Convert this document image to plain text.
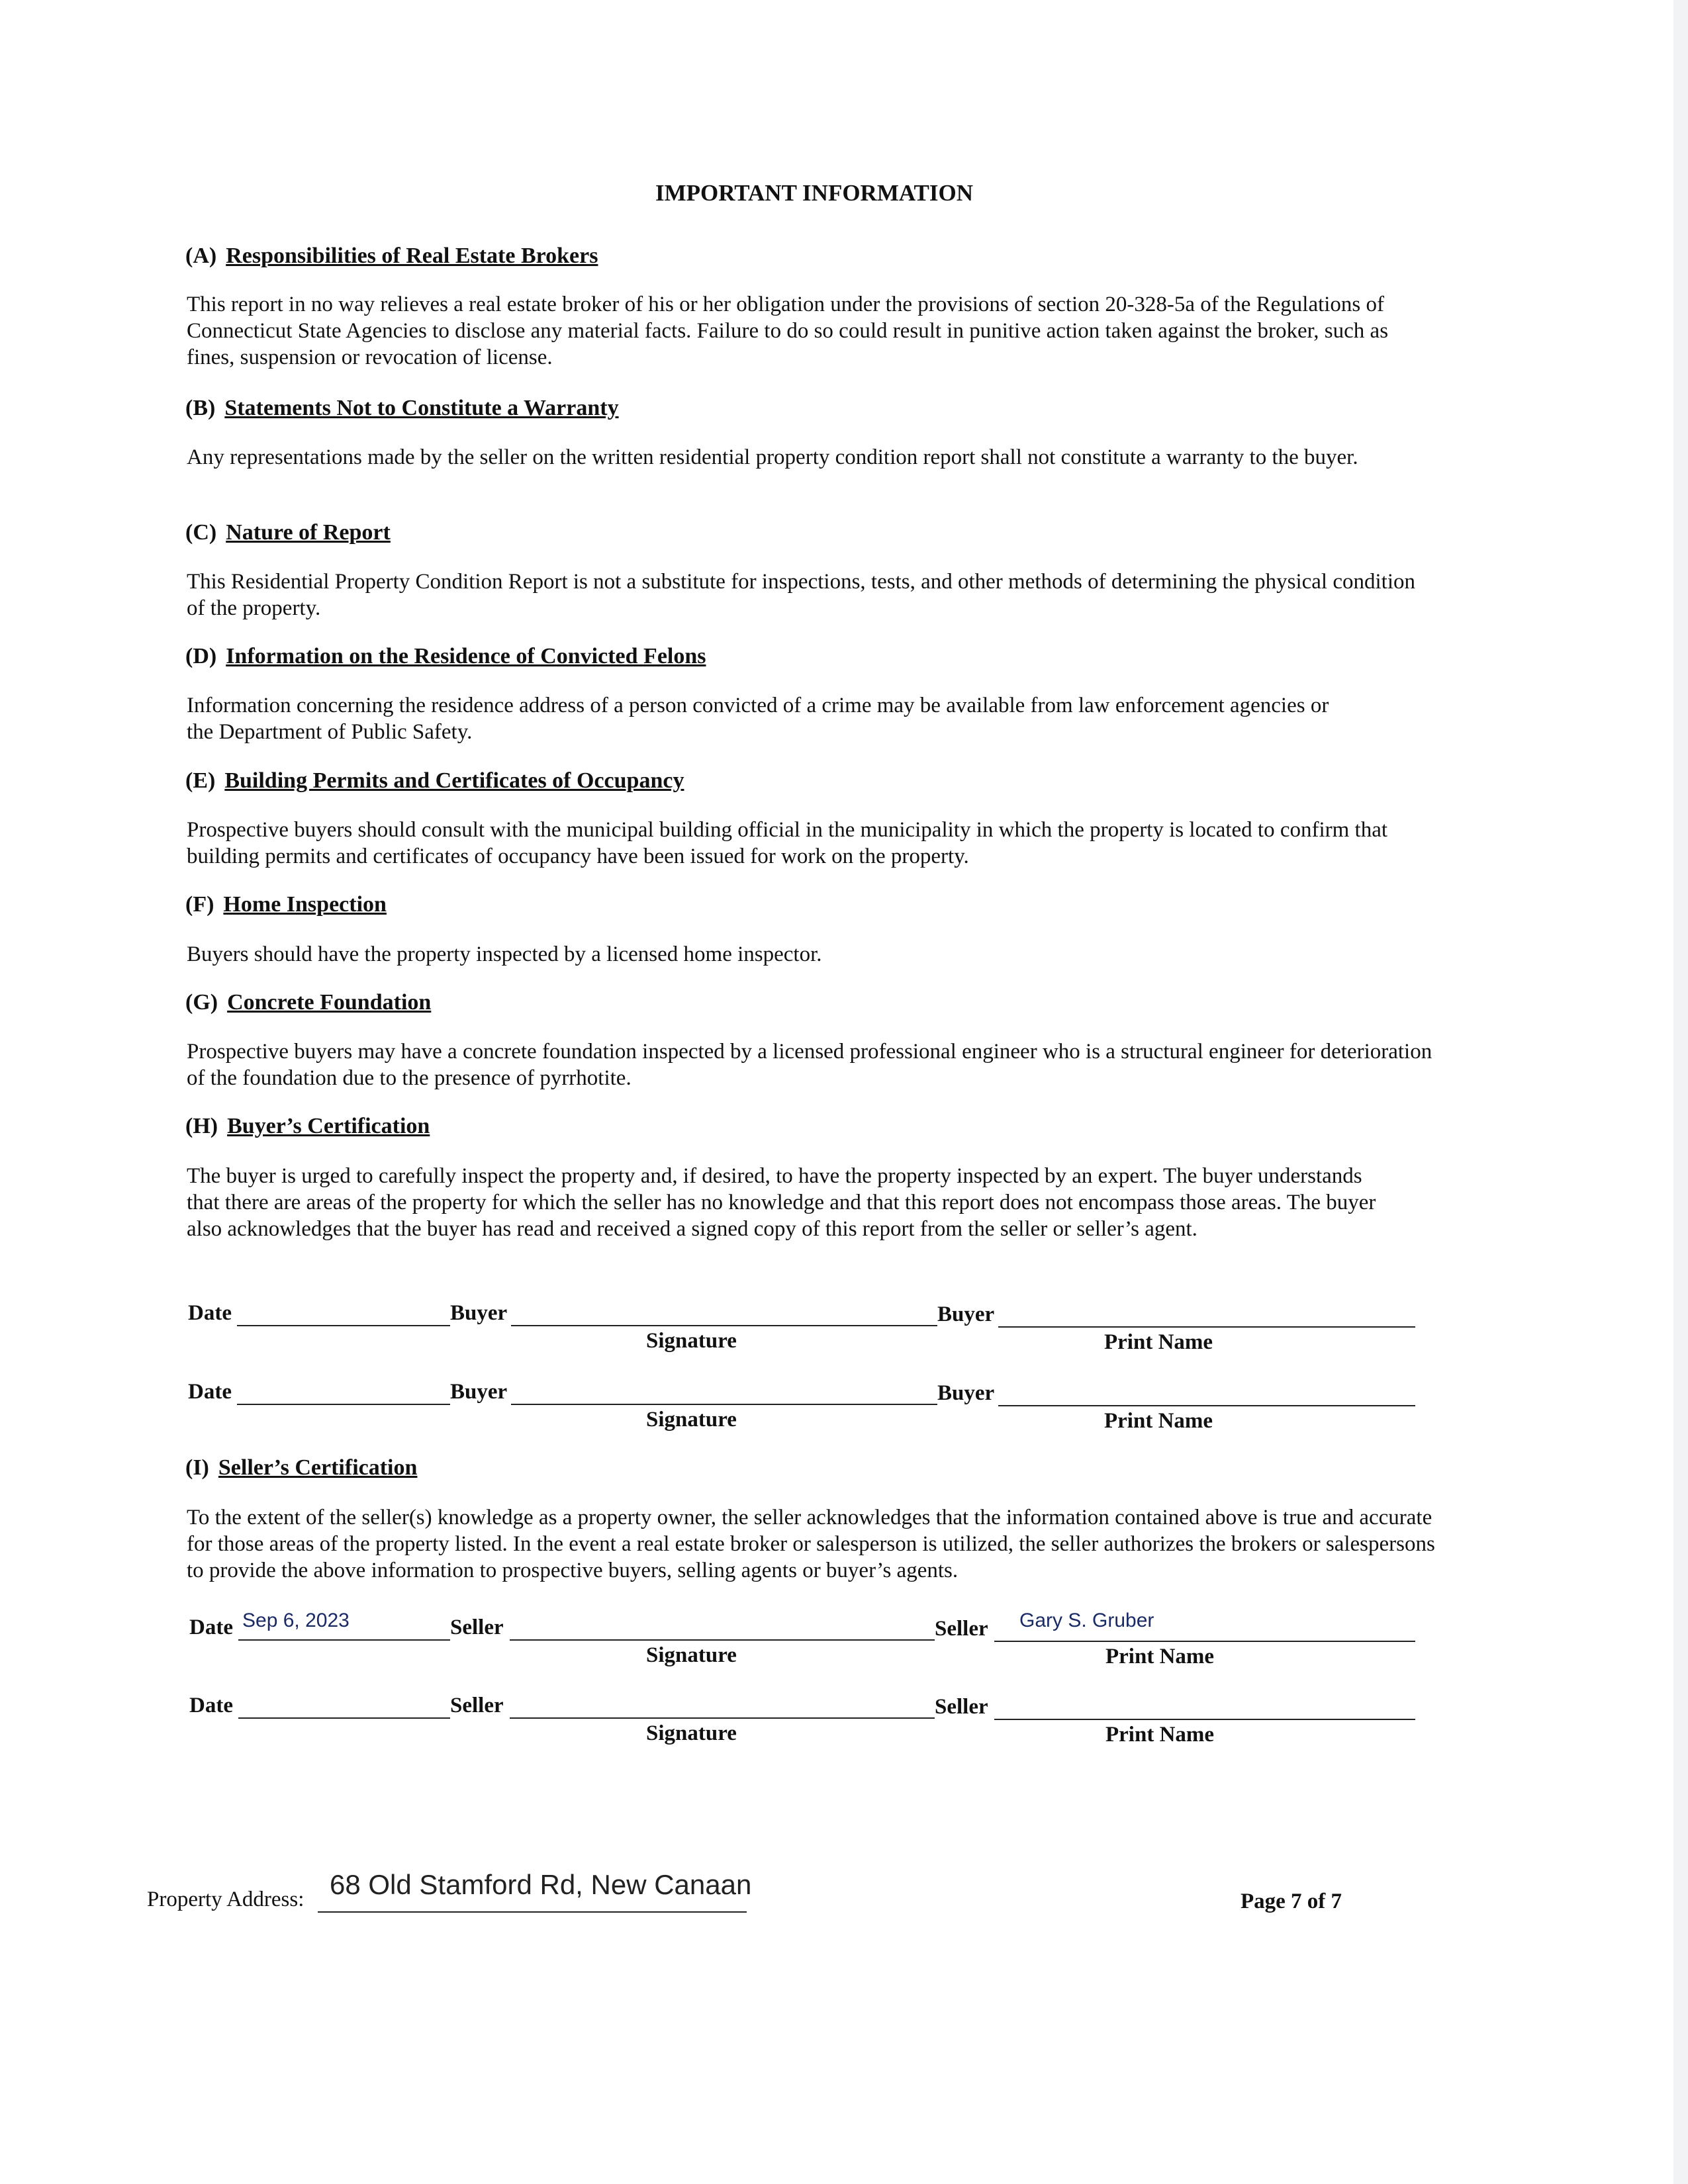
IMPORTANT INFORMATION
(A) Responsibilities of Real Estate Brokers
This report in no way relieves a real estate broker of his or her obligation under the provisions of section 20-328-5a of the Regulations of Connecticut State Agencies to disclose any material facts. Failure to do so could result in punitive action taken against the broker, such as fines, suspension or revocation of license.
(B) Statements Not to Constitute a Warranty
Any representations made by the seller on the written residential property condition report shall not constitute a warranty to the buyer.
(C) Nature of Report
This Residential Property Condition Report is not a substitute for inspections, tests, and other methods of determining the physical condition of the property.
(D) Information on the Residence of Convicted Felons
Information concerning the residence address of a person convicted of a crime may be available from law enforcement agencies or the Department of Public Safety.
(E) Building Permits and Certificates of Occupancy
Prospective buyers should consult with the municipal building official in the municipality in which the property is located to confirm that building permits and certificates of occupancy have been issued for work on the property.
(F) Home Inspection
Buyers should have the property inspected by a licensed home inspector.
(G) Concrete Foundation
Prospective buyers may have a concrete foundation inspected by a licensed professional engineer who is a structural engineer for deterioration of the foundation due to the presence of pyrrhotite.
(H) Buyer’s Certification
The buyer is urged to carefully inspect the property and, if desired, to have the property inspected by an expert. The buyer understands that there are areas of the property for which the seller has no knowledge and that this report does not encompass those areas. The buyer also acknowledges that the buyer has read and received a signed copy of this report from the seller or seller’s agent.
Date	Buyer	Buyer
Signature	Print Name
Date	Buyer	Buyer
Signature	Print Name
(I) Seller’s Certification
To the extent of the seller(s) knowledge as a property owner, the seller acknowledges that the information contained above is true and accurate for those areas of the property listed. In the event a real estate broker or salesperson is utilized, the seller authorizes the brokers or salespersons to provide the above information to prospective buyers, selling agents or buyer’s agents.
Date Sep 6, 2023	Seller	Seller Gary S. Gruber
Signature	Print Name
Date	Seller	Seller
Signature	Print Name
Property Address: 68 Old Stamford Rd, New Canaan
Page 7 of 7
